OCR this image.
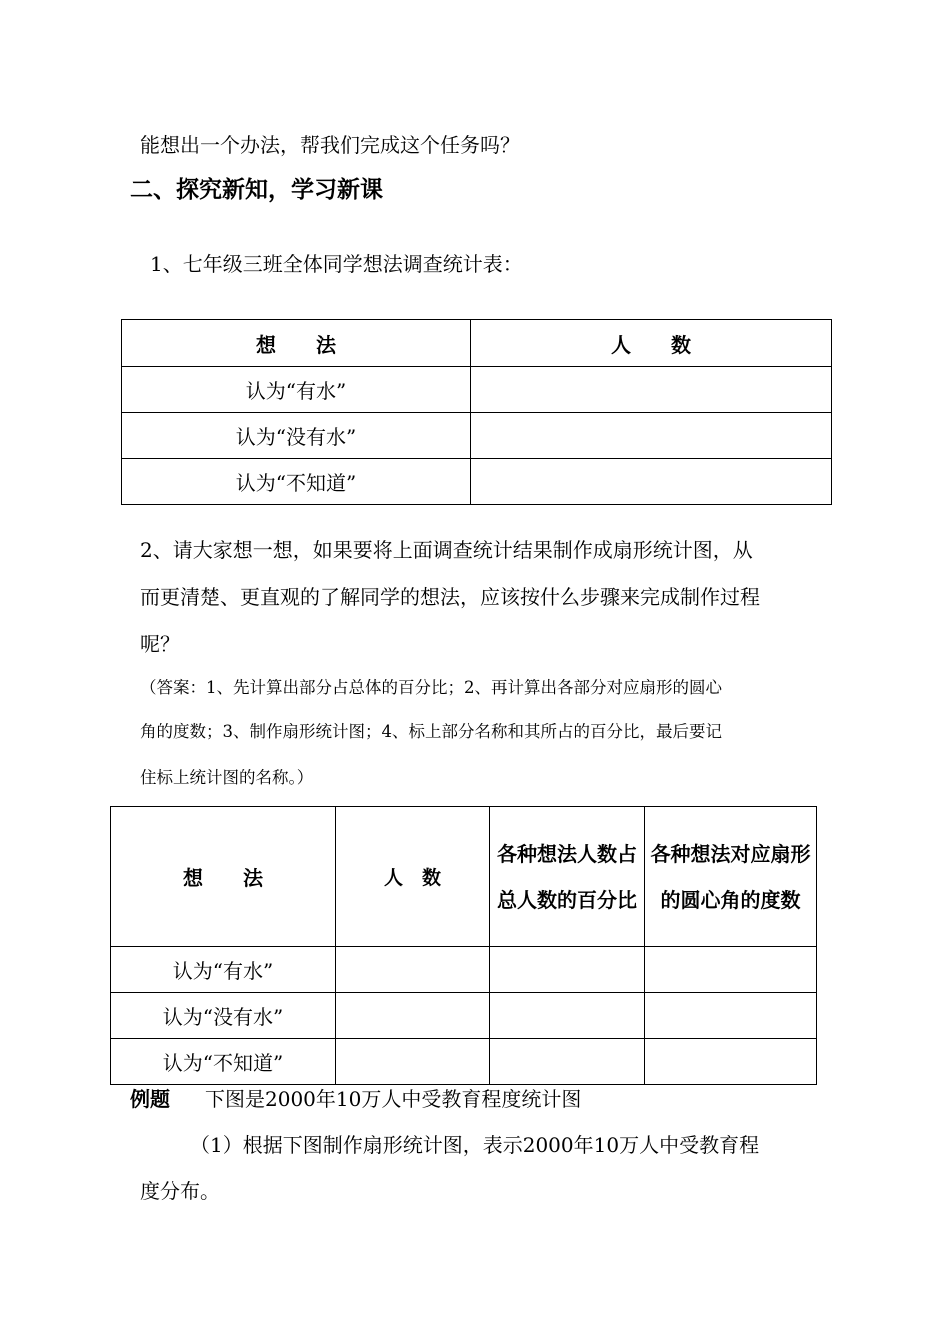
能想出一个办法，帮我们完成这个任务吗？
二、探究新知，学习新课
1、七年级三班全体同学想法调查统计表：
想　　法	人　　数
认为“有水”	
认为“没有水”	
认为“不知道”	
2、请大家想一想，如果要将上面调查统计结果制作成扇形统计图，从
而更清楚、更直观的了解同学的想法，应该按什么步骤来完成制作过程
呢？
（答案：1、先计算出部分占总体的百分比；2、再计算出各部分对应扇形的圆心
角的度数；3、制作扇形统计图；4、标上部分名称和其所占的百分比，最后要记
住标上统计图的名称。）
想　　法	人　数	各种想法人数占总人数的百分比	各种想法对应扇形的圆心角的度数
认为“有水”			
认为“没有水”			
认为“不知道”			
例题 下图是2000年10万人中受教育程度统计图
（1）根据下图制作扇形统计图，表示2000年10万人中受教育程
度分布。
